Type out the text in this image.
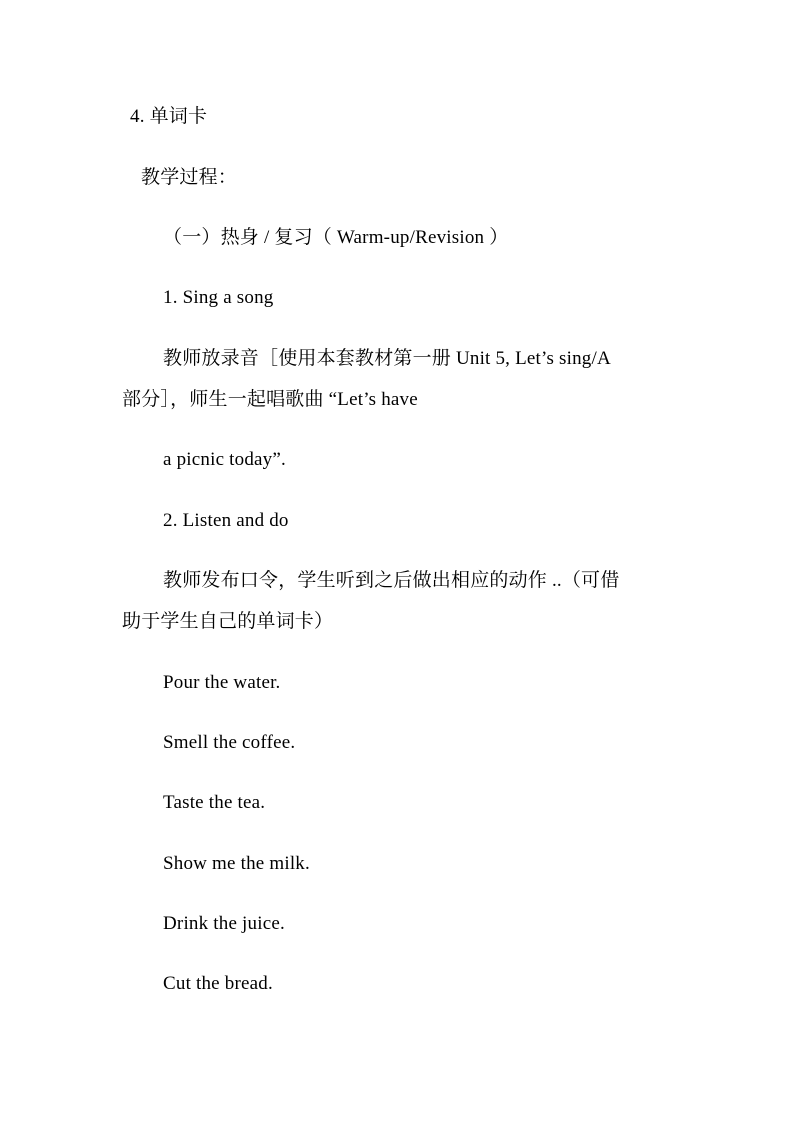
4. 单词卡
教学过程：
（一）热身 / 复习（ Warm-up/Revision ）
1. Sing a song
教师放录音［使用本套教材第一册 Unit 5, Let’s sing/A
部分］，师生一起唱歌曲 “Let’s have
a picnic today”.
2. Listen and do
教师发布口令，学生听到之后做出相应的动作 ..（可借
助于学生自己的单词卡）
Pour the water.
Smell the coffee.
Taste the tea.
Show me the milk.
Drink the juice.
Cut the bread.
